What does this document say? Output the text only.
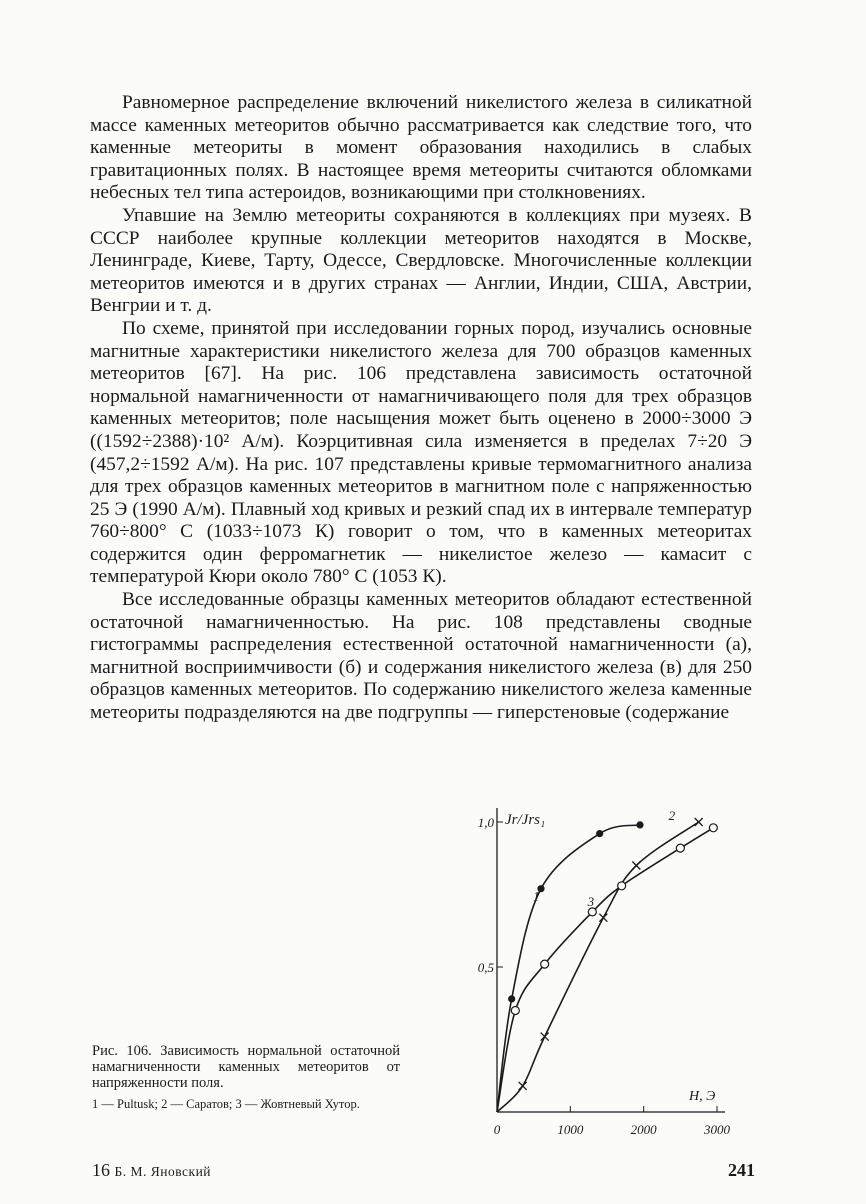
Равномерное распределение включений никелистого железа в силикатной массе каменных метеоритов обычно рассматривается как следствие того, что каменные метеориты в момент образования находились в слабых гравитационных полях. В настоящее время метеориты считаются обломками небесных тел типа астероидов, возникающими при столкновениях.

Упавшие на Землю метеориты сохраняются в коллекциях при музеях. В СССР наиболее крупные коллекции метеоритов находятся в Москве, Ленинграде, Киеве, Тарту, Одессе, Свердловске. Многочисленные коллекции метеоритов имеются и в других странах — Англии, Индии, США, Австрии, Венгрии и т. д.

По схеме, принятой при исследовании горных пород, изучались основные магнитные характеристики никелистого железа для 700 образцов каменных метеоритов [67]. На рис. 106 представлена зависимость остаточной нормальной намагниченности от намагничивающего поля для трех образцов каменных метеоритов; поле насыщения может быть оценено в 2000÷3000 Э ((1592÷2388)·10² А/м). Коэрцитивная сила изменяется в пределах 7÷20 Э (457,2÷1592 А/м). На рис. 107 представлены кривые термомагнитного анализа для трех образцов каменных метеоритов в магнитном поле с напряженностью 25 Э (1990 А/м). Плавный ход кривых и резкий спад их в интервале температур 760÷800° С (1033÷1073 К) говорит о том, что в каменных метеоритах содержится один ферромагнетик — никелистое железо — камасит с температурой Кюри около 780° С (1053 К).

Все исследованные образцы каменных метеоритов обладают естественной остаточной намагниченностью. На рис. 108 представлены сводные гистограммы распределения естественной остаточной намагниченности (а), магнитной восприимчивости (б) и содержания никелистого железа (в) для 250 образцов каменных метеоритов. По содержанию никелистого железа каменные метеориты подразделяются на две подгруппы — гиперстеновые (содержание

0	1000	2000	3000
0,5
1,0 Jr/Jrs₁
H, Э
1
2
3

Рис. 106. Зависимость нормальной остаточной намагниченности каменных метеоритов от напряженности поля.

1 — Pultusk; 2 — Саратов; 3 — Жовтневый Хутор.

16 Б. М. Яновский	241
